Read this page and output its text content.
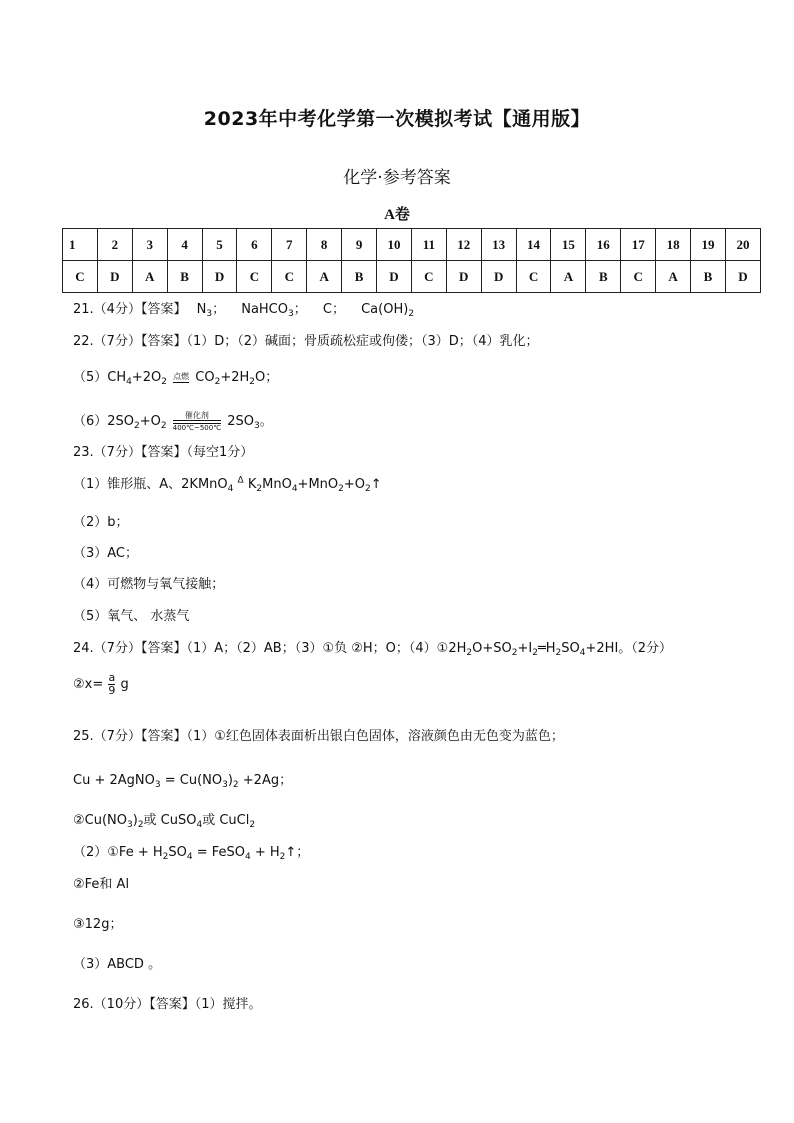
2023年中考化学第一次模拟考试【通用版】
化学·参考答案
A卷
1	2	3	4	5	6	7	8	9	10	11	12	13	14	15	16	17	18	19	20
C	D	A	B	D	C	C	A	B	D	C	D	D	C	A	B	C	A	B	D
21.（4分）【答案】 $N_3$； NaHCO$_3$； C； $Ca(OH)_2$
22.（7分）【答案】（1）D；（2）碱面；骨质疏松症或佝偻；（3）D；（4）乳化；
$(5)CH_4+2O_2$
点燃 $CO_2+2H_2O$；
$(6)2SO_2+O_2$
催化剂
400℃~500℃ $2SO_3$。
23.（7分）【答案】（每空1分）
（1）锥形瓶、A、2KMnO$_4$ $^\Delta$ $K_2MnO_4+MnO_2+O_2↑$
（2）b；
（3）AC；
（4）可燃物与氧气接触；
（5）氧气、 水蒸气
24.（7分）【答案】（1）A；（2）AB；（3）①负 ②H；O；$(4)①2H_2O+SO_2+I_2═H_2SO_4+2HI$。（2分）
②x= $\frac{a}{9}$ g
25.（7分）【答案】（1）①红色固体表面析出银白色固体，溶液颜色由无色变为蓝色；
Cu + 2AgNO$_3$ = $Cu(NO_3)_2 +2Ag$；
$②Cu(NO_3)_2$或 CuSO$_4$或 CuCl$_2$
（2）①Fe + $H_2SO_4$ = FeSO$_4$ + $H_2↑$；
②Fe和 Al
③12g；
（3）ABCD 。
26.（10分）【答案】（1）搅拌。
